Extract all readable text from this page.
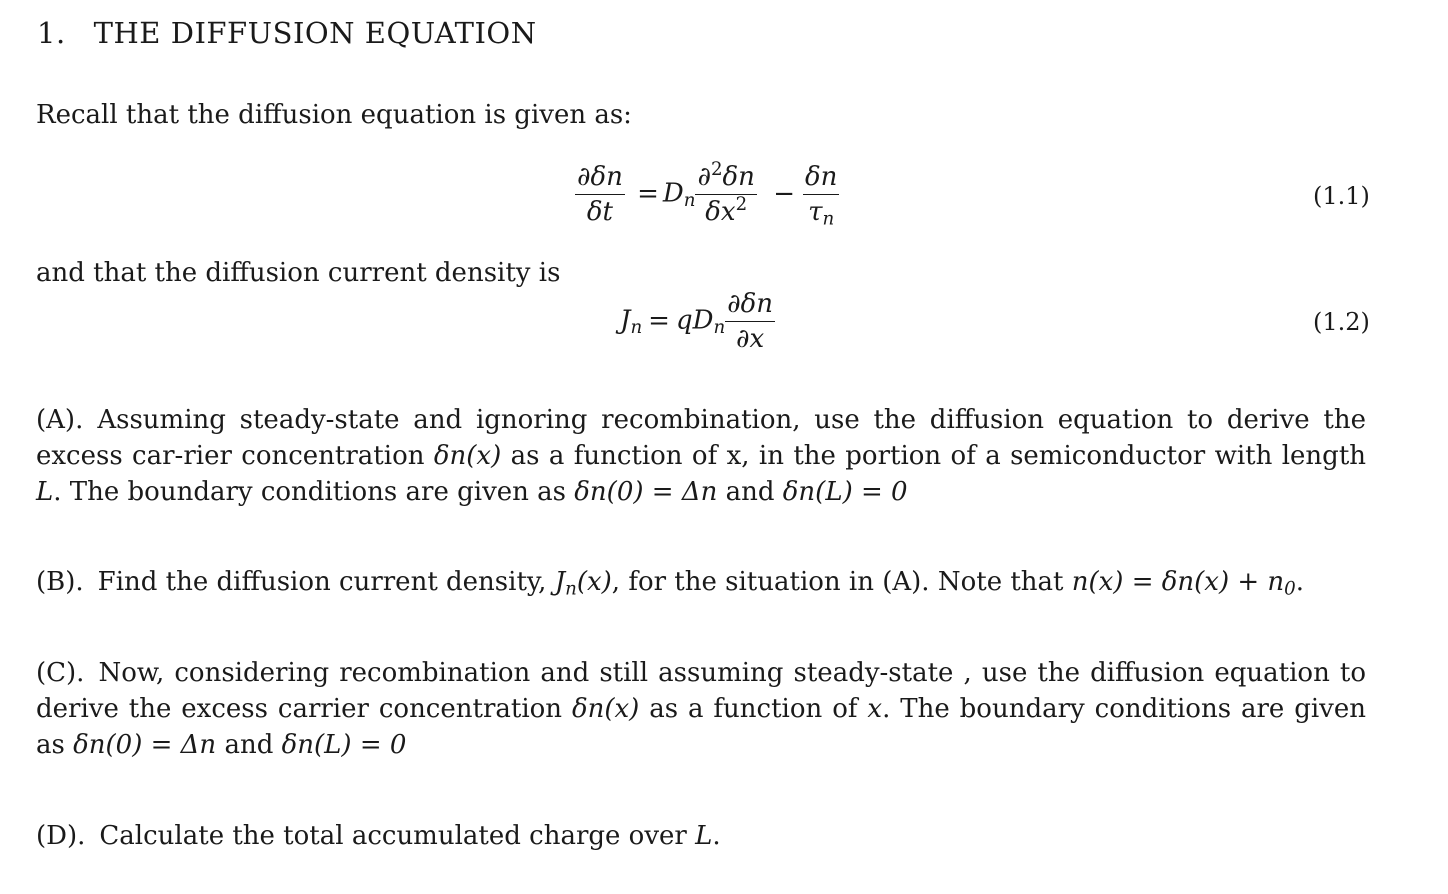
1. THE DIFFUSION EQUATION
Recall that the diffusion equation is given as:
$\frac{\partial\delta n}{\delta t} = D_n \frac{\partial^2\delta n}{\delta x^2} - \frac{\delta n}{\tau_n}$	(1.1)
and that the diffusion current density is
$J_n = qD_n \frac{\partial\delta n}{\partial x}$	(1.2)
(A). Assuming steady-state and ignoring recombination, use the diffusion equation to derive the excess car-rier concentration δn(x) as a function of x, in the portion of a semiconductor with length L. The boundary conditions are given as δn(0) = Δn and δn(L) = 0
(B). Find the diffusion current density, $J_n(x)$, for the situation in (A). Note that $n(x) = \delta n(x) + n_0$.
(C). Now, considering recombination and still assuming steady-state , use the diffusion equation to derive the excess carrier concentration δn(x) as a function of x. The boundary conditions are given as δn(0) = Δn and δn(L) = 0
(D). Calculate the total accumulated charge over L.
